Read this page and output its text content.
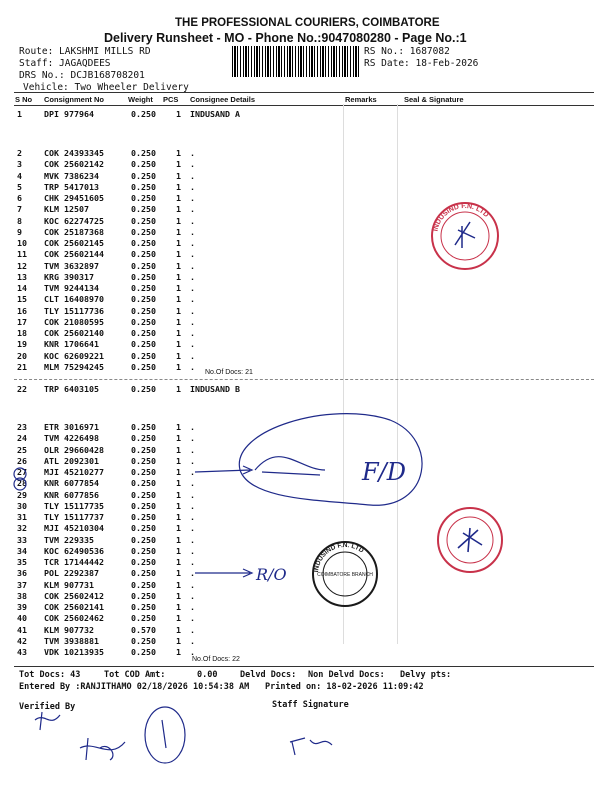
THE PROFESSIONAL COURIERS, COIMBATORE
Delivery Runsheet - MO - Phone No.:9047080280 - Page No.:1
Route: LAKSHMI MILLS RD
Staff: JAGAQDEES
DRS No.: DCJB168708201
Vehicle: Two Wheeler Delivery
RS No.: 1687082
RS Date: 18-Feb-2026
S No Consignment No	Weight PCS Consignee Details	Remarks	Seal & Signature
1	DPI 977964	0.250 1 INDUSAND A
2	COK 24393345	0.250 1 .
3	COK 25602142	0.250 1 .
4	MVK 7386234	0.250 1 .
5	TRP 5417013	0.250 1 .
6	CHK 29451605	0.250 1 .
7	KLM 12507	0.250 1 .
8	KOC 62274725	0.250 1 .
9	COK 25187368	0.250 1 .
10 COK 25602145	0.250 1 .
11 COK 25602144	0.250 1 .
12 TVM 3632897	0.250 1 .
13 KRG 390317	0.250 1 .
14 TVM 9244134	0.250 1 .
15 CLT 16408970	0.250 1 .
16 TLY 15117736	0.250 1 .
17 COK 21080595	0.250 1 .
18 COK 25602140	0.250 1 .
19 KNR 1706641	0.250 1 .
20 KOC 62609221	0.250 1 .
21 MLM 75294245	0.250 1 .
No.Of Docs: 21
22 TRP 6403105	0.250 1 INDUSAND B
23 ETR 3016971	0.250 1 .
24 TVM 4226498	0.250 1 .
25 OLR 29660428	0.250 1 .
26 ATL 2092301	0.250 1 .
27 MJI 45210277	0.250 1 .
28 KNR 6077854	0.250 1 .
29 KNR 6077856	0.250 1 .
30 TLY 15117735	0.250 1 .
31 TLY 15117737	0.250 1 .
32 MJI 45210304	0.250 1 .
33 TVM 229335	0.250 1 .
34 KOC 62490536	0.250 1 .
35 TCR 17144442	0.250 1 .
36 POL 2292387	0.250 1 .
37 KLM 907731	0.250 1 .
38 COK 25602412	0.250 1 .
39 COK 25602141	0.250 1 .
40 COK 25602462	0.250 1 .
41 KLM 907732	0.570 1 .
42 TVM 3938881	0.250 1 .
43 VDK 10213935	0.250 1 .
No.Of Docs: 22
Tot Docs: 43	Tot COD Amt:	0.00	Delvd Docs: Non Delvd Docs: Delvy pts:
Entered By :RANJITHAMO 02/18/2026 10:54:38 AM Printed on: 18-02-2026 11:09:42
Verified By	Staff Signature
INDUSIND F.N. LTD
INDUSIND F.N. LTD
COIMBATORE BRANCH
F/D
R/O
